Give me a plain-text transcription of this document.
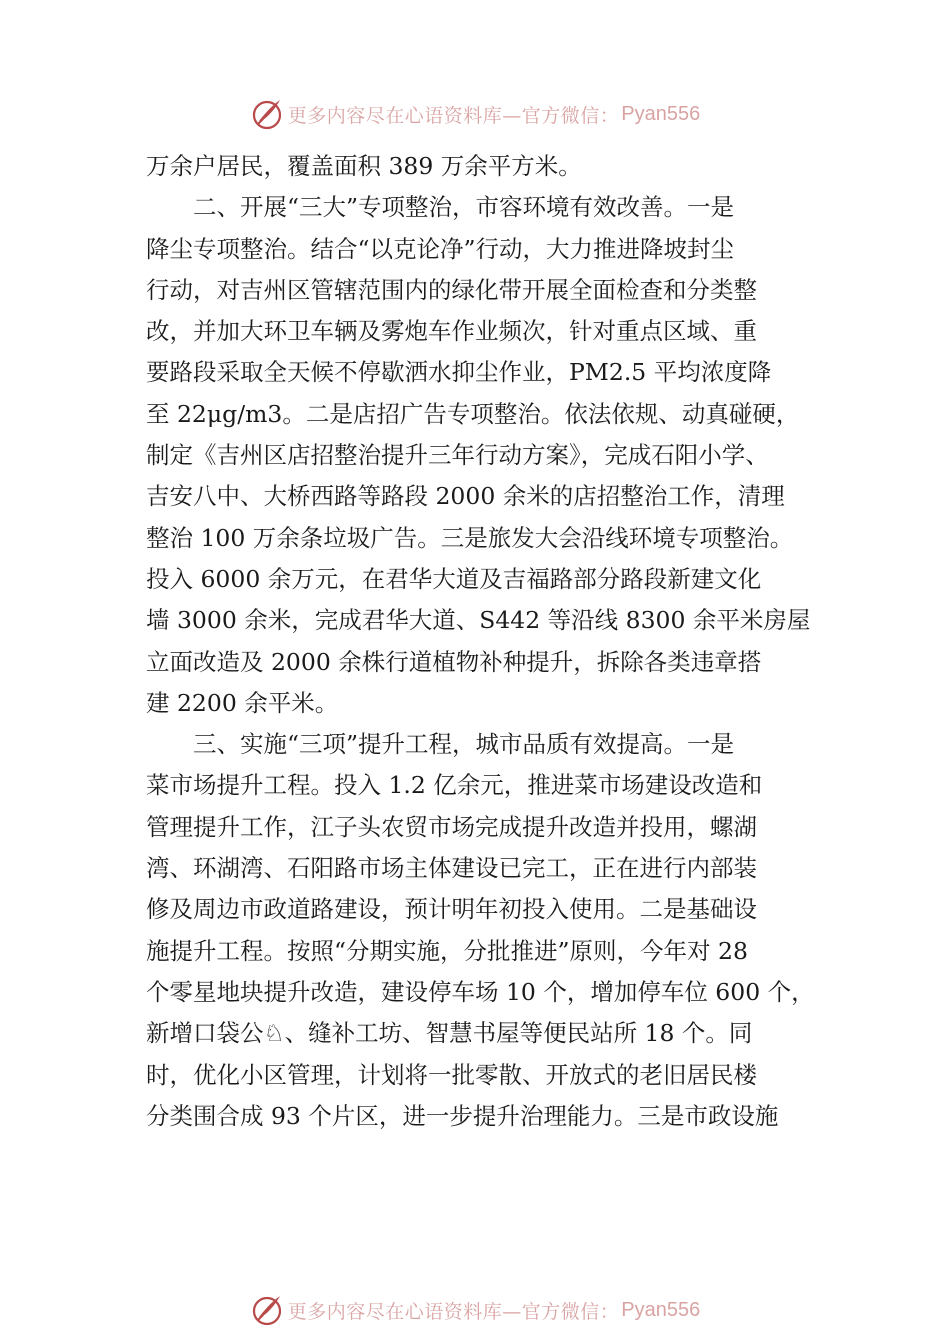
更多内容尽在心语资料库—官方微信： Pyan556
万余户居民，覆盖面积 389 万余平方米。
　　二、开展“三大”专项整治，市容环境有效改善。一是
降尘专项整治。结合“以克论净”行动，大力推进降坡封尘
行动，对吉州区管辖范围内的绿化带开展全面检查和分类整
改，并加大环卫车辆及雾炮车作业频次，针对重点区域、重
要路段采取全天候不停歇洒水抑尘作业，PM2.5 平均浓度降
至 22μg/m3。二是店招广告专项整治。依法依规、动真碰硬，
制定《吉州区店招整治提升三年行动方案》，完成石阳小学、
吉安八中、大桥西路等路段 2000 余米的店招整治工作，清理
整治 100 万余条垃圾广告。三是旅发大会沿线环境专项整治。
投入 6000 余万元，在君华大道及吉福路部分路段新建文化
墙 3000 余米，完成君华大道、S442 等沿线 8300 余平米房屋
立面改造及 2000 余株行道植物补种提升，拆除各类违章搭
建 2200 余平米。
　　三、实施“三项”提升工程，城市品质有效提高。一是
菜市场提升工程。投入 1.2 亿余元，推进菜市场建设改造和
管理提升工作，江子头农贸市场完成提升改造并投用，螺湖
湾、环湖湾、石阳路市场主体建设已完工，正在进行内部装
修及周边市政道路建设，预计明年初投入使用。二是基础设
施提升工程。按照“分期实施，分批推进”原则，今年对 28
个零星地块提升改造，建设停车场 10 个，增加停车位 600 个，
新增口袋公♘、缝补工坊、智慧书屋等便民站所 18 个。同
时，优化小区管理，计划将一批零散、开放式的老旧居民楼
分类围合成 93 个片区，进一步提升治理能力。三是市政设施
更多内容尽在心语资料库—官方微信： Pyan556
